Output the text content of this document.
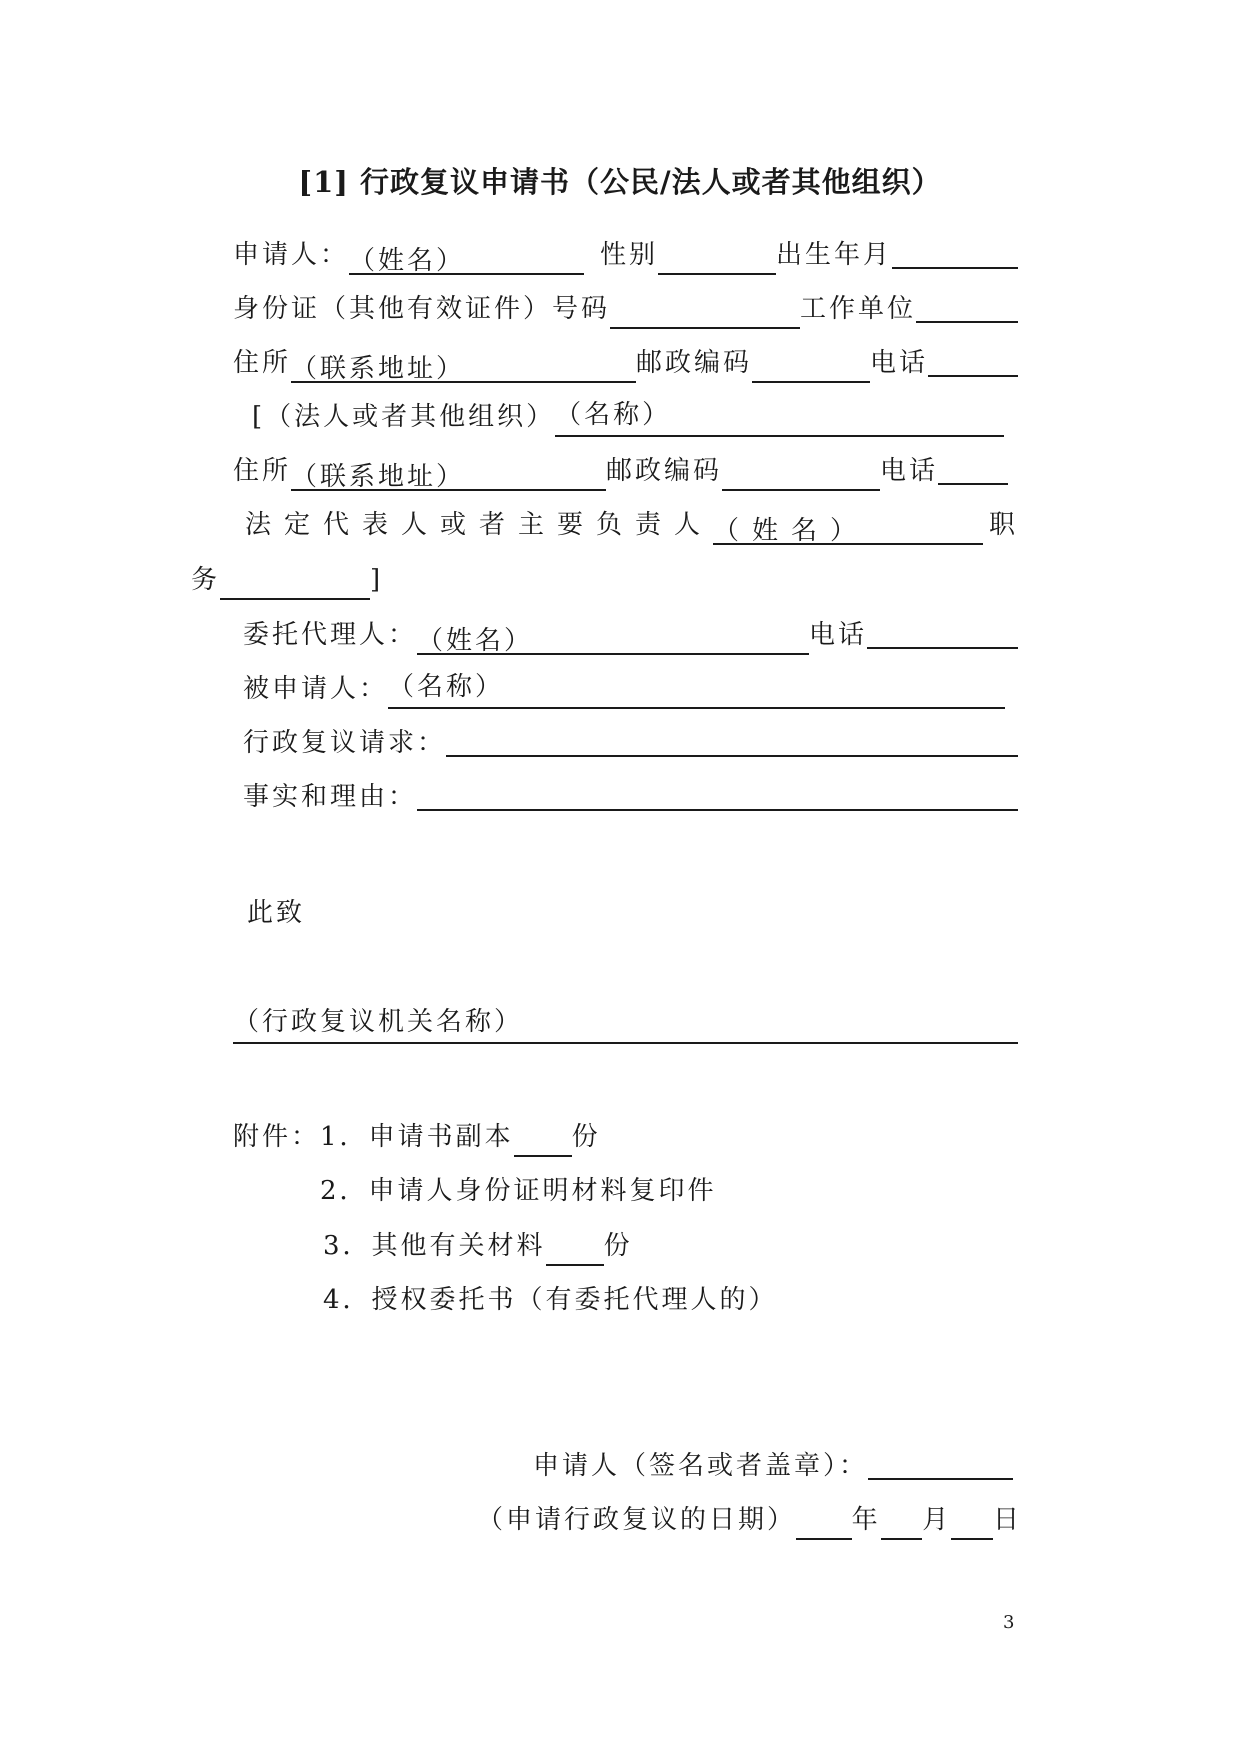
[1] 行政复议申请书（公民/法人或者其他组织）
申请人： （姓名）	性别	出生年月
身份证（其他有效证件）号码	工作单位
住所 （联系地址）	邮政编码	电话
[ （法人或者其他组织） （名称）
住所 （联系地址）	邮政编码	电话
法定代表人或者主要负责人 （姓名）	职
务	]
委托代理人： （姓名）	电话
被申请人： （名称）
行政复议请求：
事实和理由：
此致
（行政复议机关名称）
附件： 1． 申请书副本 份
2． 申请人身份证明材料复印件
3． 其他有关材料 份
4． 授权委托书（有委托代理人的）
申请人（签名或者盖章）：
（申请行政复议的日期） 年 月 日
3
